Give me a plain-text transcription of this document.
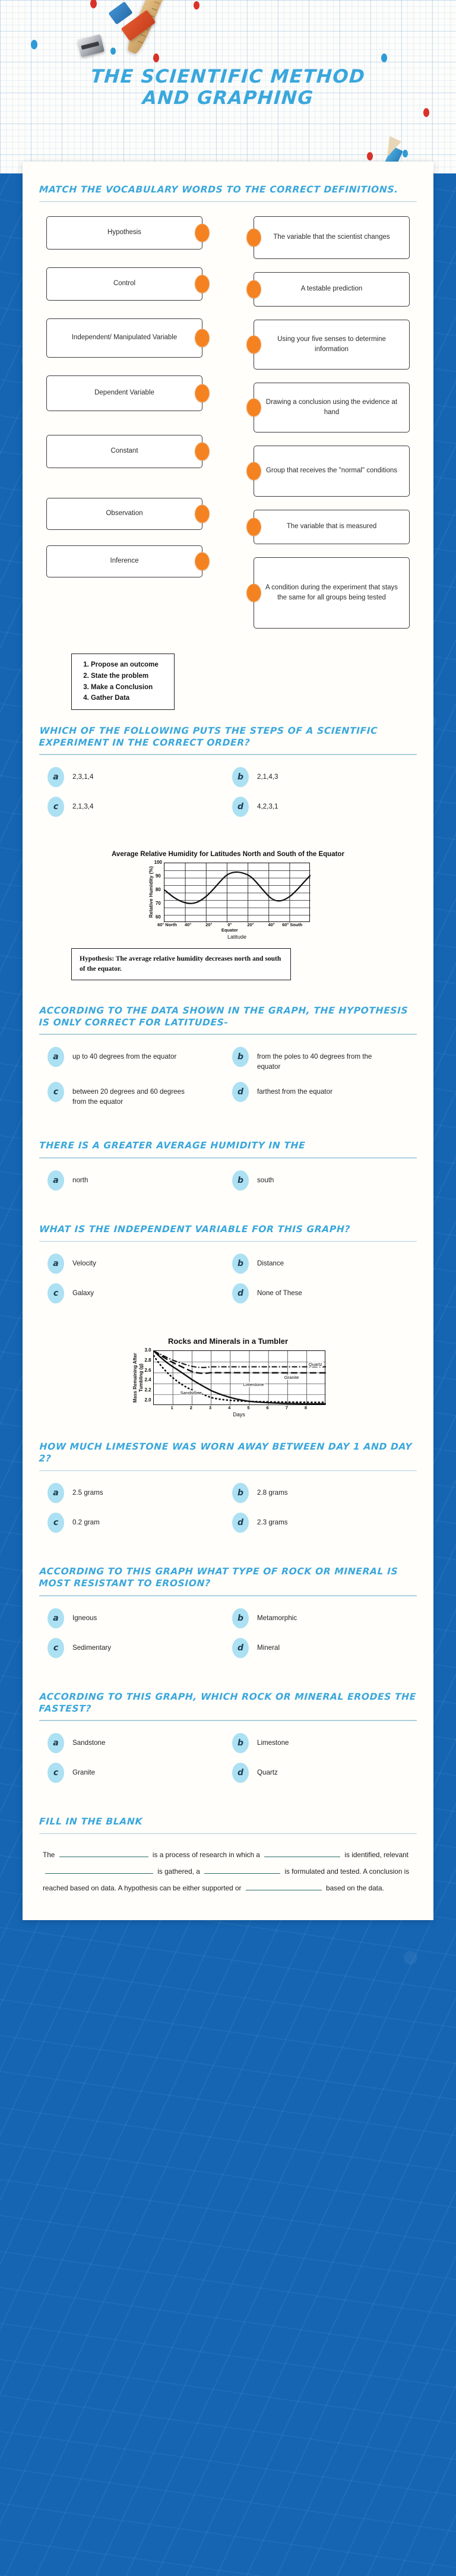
THE SCIENTIFIC METHOD
AND GRAPHING
MATCH THE VOCABULARY WORDS TO THE CORRECT DEFINITIONS.
Hypothesis
Control
Independent/ Manipulated Variable
Dependent Variable
Constant
Observation
Inference
The variable that the scientist changes
A testable prediction
Using your five senses to determine information
Drawing a conclusion using the evidence at hand
Group that receives the "normal" conditions
The variable that is measured
A condition during the experiment that stays the same for all groups being tested
1. Propose an outcome
2. State the problem
3. Make a Conclusion
4. Gather Data
WHICH OF THE FOLLOWING PUTS THE STEPS OF A SCIENTIFIC EXPERIMENT IN THE CORRECT ORDER?
a	2,3,1,4	b	2,1,4,3
c	2,1,3,4	d	4,2,3,1
Average Relative Humidity for Latitudes North and South of the Equator
Relative Humidity (%)
100
90
80
70
60
60° North	40°	20°	0° Equator
20°	40°	60° South
Latitude

Hypothesis: The average relative humidity decreases north and south of the equator.

ACCORDING TO THE DATA SHOWN IN THE GRAPH, THE HYPOTHESIS IS ONLY CORRECT FOR LATITUDES-
a	up to 40 degrees from the equator	b	from the poles to 40 degrees from the equator
c	between 20 degrees and 60 degrees from the equator
d	farthest from the equator
THERE IS A GREATER AVERAGE HUMIDITY IN THE
a	north	b	south
WHAT IS THE INDEPENDENT VARIABLE FOR THIS GRAPH?
a	Velocity	b	Distance
c	Galaxy	d	None of These
Rocks and Minerals in a Tumbler
Mass Remaining After Tumbling (g)
3.0
2.8
2.6
2.4
2.2
2.0
Quartz
Granite
Limestone
Sandstone
1	2	3	4	5	6	7	8
Days
HOW MUCH LIMESTONE WAS WORN AWAY BETWEEN DAY 1 AND DAY 2?
a	2.5 grams	b	2.8 grams
c	0.2 gram	d	2.3 grams
ACCORDING TO THIS GRAPH WHAT TYPE OF ROCK OR MINERAL IS MOST RESISTANT TO EROSION?
a	Igneous	b	Metamorphic
c	Sedimentary	d	Mineral
ACCORDING TO THIS GRAPH, WHICH ROCK OR MINERAL ERODES THE FASTEST?
a	Sandstone	b	Limestone
c	Granite	d	Quartz
FILL IN THE BLANK
The	is a process of research in which a	is identified, relevant  is gathered, a	is formulated and tested. A conclusion is reached based on data. A hypothesis can be either supported or	based on the data.
